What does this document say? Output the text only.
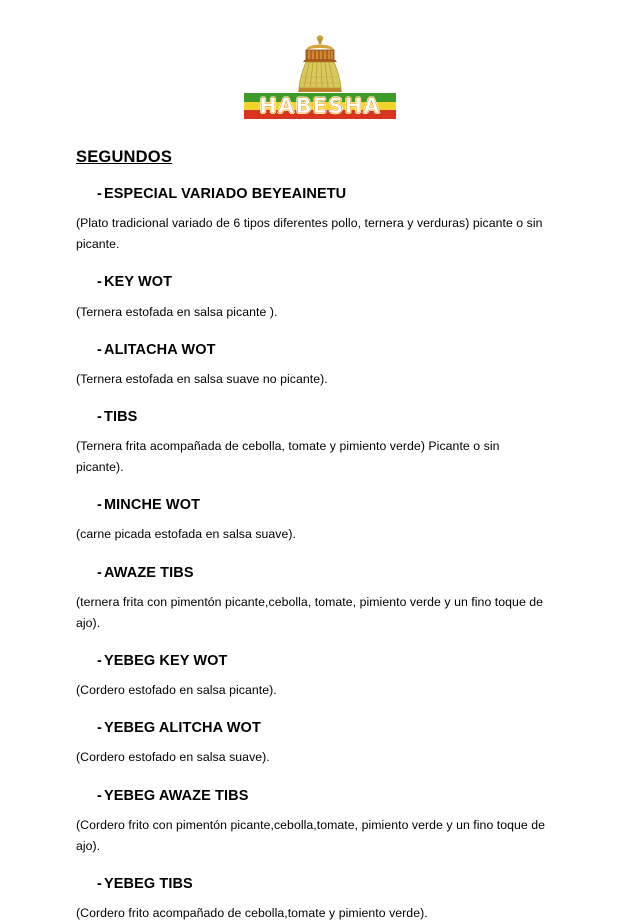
HABESHA
SEGUNDOS
- ESPECIAL VARIADO BEYEAINETU

(Plato tradicional variado de 6 tipos diferentes pollo, ternera y verduras) picante o sin picante.

- KEY WOT

(Ternera estofada en salsa picante ).

- ALITACHA WOT

(Ternera estofada en salsa suave no picante).

- TIBS

(Ternera frita acompañada de cebolla, tomate y pimiento verde) Picante o sin picante).

- MINCHE WOT

(carne picada estofada en salsa suave).

- AWAZE TIBS

(ternera frita con pimentón picante,cebolla, tomate, pimiento verde y un fino toque de ajo).

- YEBEG KEY WOT

(Cordero estofado en salsa picante).

- YEBEG ALITCHA WOT

(Cordero estofado en salsa suave).

- YEBEG AWAZE TIBS

(Cordero frito con pimentón picante,cebolla,tomate, pimiento verde y un fino toque de ajo).

- YEBEG TIBS

(Cordero frito acompañado de cebolla,tomate y pimiento verde).
